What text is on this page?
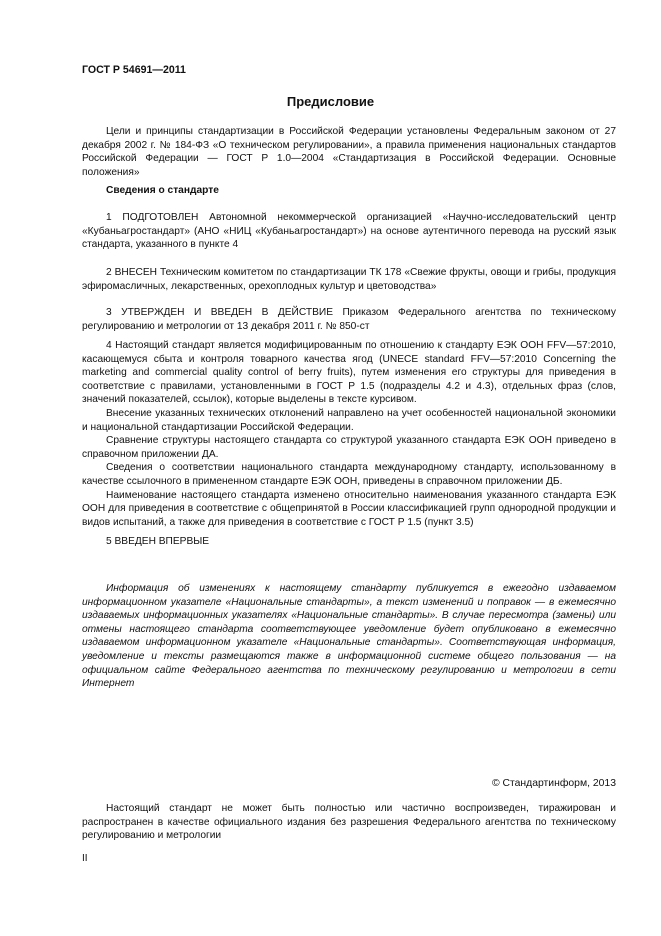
ГОСТ Р 54691—2011
Предисловие

Цели и принципы стандартизации в Российской Федерации установлены Федеральным законом от 27 декабря 2002 г. № 184-ФЗ «О техническом регулировании», а правила применения национальных стандартов Российской Федерации — ГОСТ Р 1.0—2004 «Стандартизация в Российской Федерации. Основные положения»

Сведения о стандарте

1 ПОДГОТОВЛЕН Автономной некоммерческой организацией «Научно-исследовательский центр «Кубаньагростандарт» (АНО «НИЦ «Кубаньагростандарт») на основе аутентичного перевода на русский язык стандарта, указанного в пункте 4

2 ВНЕСЕН Техническим комитетом по стандартизации ТК 178 «Свежие фрукты, овощи и грибы, продукция эфиромасличных, лекарственных, орехоплодных культур и цветоводства»

3 УТВЕРЖДЕН И ВВЕДЕН В ДЕЙСТВИЕ Приказом Федерального агентства по техническому регулированию и метрологии от 13 декабря 2011 г. № 850-ст

4 Настоящий стандарт является модифицированным по отношению к стандарту ЕЭК ООН FFV—57:2010, касающемуся сбыта и контроля товарного качества ягод (UNECE standard FFV—57:2010 Concerning the marketing and commercial quality control of berry fruits), путем изменения его структуры для приведения в соответствие с правилами, установленными в ГОСТ Р 1.5 (подразделы 4.2 и 4.3), отдельных фраз (слов, значений показателей, ссылок), которые выделены в тексте курсивом.

Внесение указанных технических отклонений направлено на учет особенностей национальной экономики и национальной стандартизации Российской Федерации.

Сравнение структуры настоящего стандарта со структурой указанного стандарта ЕЭК ООН приведено в справочном приложении ДА.

Сведения о соответствии национального стандарта международному стандарту, использованному в качестве ссылочного в примененном стандарте ЕЭК ООН, приведены в справочном приложении ДБ.

Наименование настоящего стандарта изменено относительно наименования указанного стандарта ЕЭК ООН для приведения в соответствие с общепринятой в России классификацией групп однородной продукции и видов испытаний, а также для приведения в соответствие с ГОСТ Р 1.5 (пункт 3.5)

5 ВВЕДЕН ВПЕРВЫЕ

Информация об изменениях к настоящему стандарту публикуется в ежегодно издаваемом информационном указателе «Национальные стандарты», а текст изменений и поправок — в ежемесячно издаваемых информационных указателях «Национальные стандарты». В случае пересмотра (замены) или отмены настоящего стандарта соответствующее уведомление будет опубликовано в ежемесячно издаваемом информационном указателе «Национальные стандарты». Соответствующая информация, уведомление и тексты размещаются также в информационной системе общего пользования — на официальном сайте Федерального агентства по техническому регулированию и метрологии в сети Интернет

© Стандартинформ, 2013

Настоящий стандарт не может быть полностью или частично воспроизведен, тиражирован и распространен в качестве официального издания без разрешения Федерального агентства по техническому регулированию и метрологии

II
